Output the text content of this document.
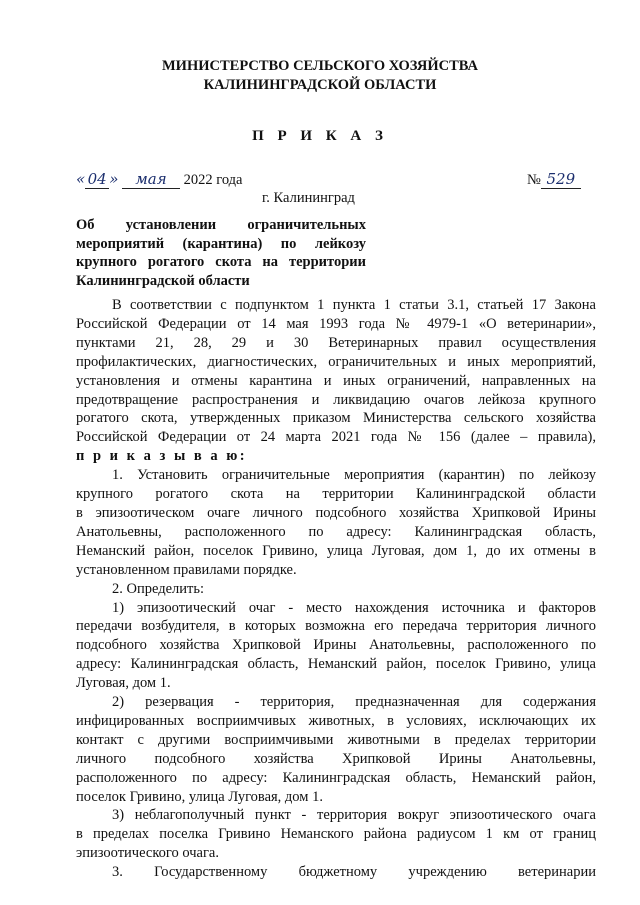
МИНИСТЕРСТВО СЕЛЬСКОГО ХОЗЯЙСТВА
КАЛИНИНГРАДСКОЙ ОБЛАСТИ
П Р И К А З
« 04 » мая 2022 года	№ 529
г. Калининград
Об установлении ограничительных
мероприятий (карантина) по лейкозу
крупного рогатого скота на территории
Калининградской области
В соответствии с подпунктом 1 пункта 1 статьи 3.1, статьей 17 Закона
Российской Федерации от 14 мая 1993 года № 4979-1 «О ветеринарии»,
пунктами 21, 28, 29 и 30 Ветеринарных правил осуществления
профилактических, диагностических, ограничительных и иных мероприятий,
установления и отмены карантина и иных ограничений, направленных на
предотвращение распространения и ликвидацию очагов лейкоза крупного
рогатого скота, утвержденных приказом Министерства сельского хозяйства
Российской Федерации от 24 марта 2021 года № 156 (далее – правила),
п р и к а з ы в а ю:
1. Установить ограничительные мероприятия (карантин) по лейкозу
крупного рогатого скота на территории Калининградской области
в эпизоотическом очаге личного подсобного хозяйства Хрипковой Ирины
Анатольевны, расположенного по адресу: Калининградская область,
Неманский район, поселок Гривино, улица Луговая, дом 1, до их отмены в
установленном правилами порядке.
2. Определить:
1) эпизоотический очаг - место нахождения источника и факторов
передачи возбудителя, в которых возможна его передача территория личного
подсобного хозяйства Хрипковой Ирины Анатольевны, расположенного по
адресу: Калининградская область, Неманский район, поселок Гривино, улица
Луговая, дом 1.
2) резервация - территория, предназначенная для содержания
инфицированных восприимчивых животных, в условиях, исключающих их
контакт с другими восприимчивыми животными в пределах территории
личного подсобного хозяйства Хрипковой Ирины Анатольевны,
расположенного по адресу: Калининградская область, Неманский район,
поселок Гривино, улица Луговая, дом 1.
3) неблагополучный пункт - территория вокруг эпизоотического очага
в пределах поселка Гривино Неманского района радиусом 1 км от границ
эпизоотического очага.
3. Государственному бюджетному учреждению ветеринарии
